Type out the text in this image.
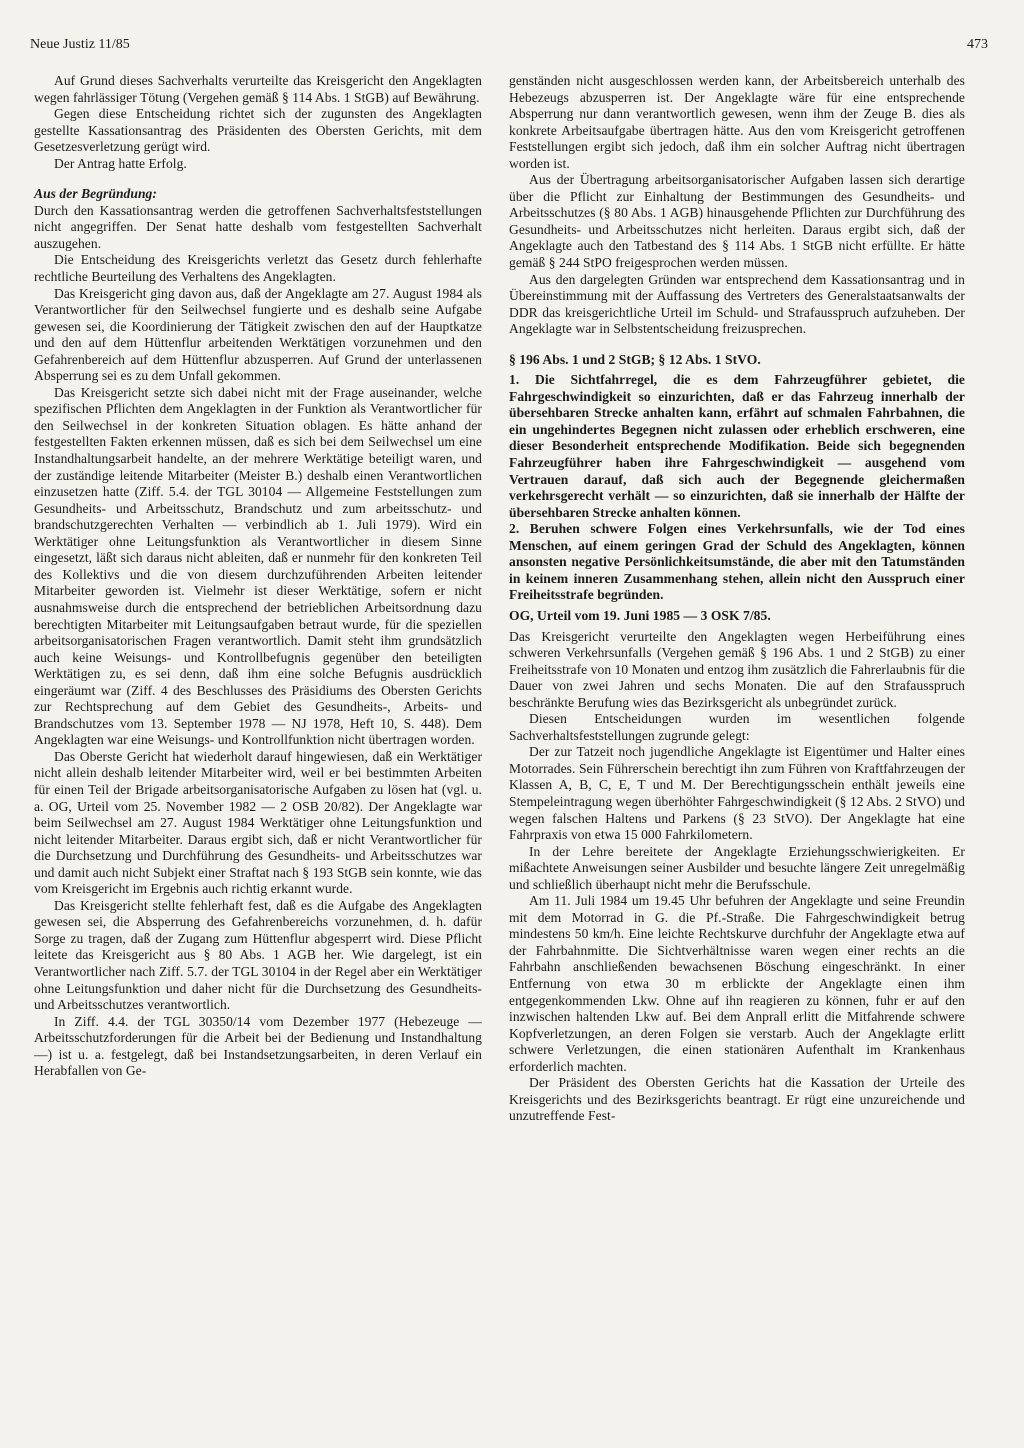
Neue Justiz 11/85	473

Auf Grund dieses Sachverhalts verurteilte das Kreisgericht den Angeklagten wegen fahrlässiger Tötung (Vergehen gemäß § 114 Abs. 1 StGB) auf Bewährung.

Gegen diese Entscheidung richtet sich der zugunsten des Angeklagten gestellte Kassationsantrag des Präsidenten des Obersten Gerichts, mit dem Gesetzesverletzung gerügt wird.

Der Antrag hatte Erfolg.

Aus der Begründung:

Durch den Kassationsantrag werden die getroffenen Sachverhaltsfeststellungen nicht angegriffen. Der Senat hatte deshalb vom festgestellten Sachverhalt auszugehen.

Die Entscheidung des Kreisgerichts verletzt das Gesetz durch fehlerhafte rechtliche Beurteilung des Verhaltens des Angeklagten.

Das Kreisgericht ging davon aus, daß der Angeklagte am 27. August 1984 als Verantwortlicher für den Seilwechsel fungierte und es deshalb seine Aufgabe gewesen sei, die Koordinierung der Tätigkeit zwischen den auf der Hauptkatze und den auf dem Hüttenflur arbeitenden Werktätigen vorzunehmen und den Gefahrenbereich auf dem Hüttenflur abzusperren. Auf Grund der unterlassenen Absperrung sei es zu dem Unfall gekommen.

Das Kreisgericht setzte sich dabei nicht mit der Frage auseinander, welche spezifischen Pflichten dem Angeklagten in der Funktion als Verantwortlicher für den Seilwechsel in der konkreten Situation oblagen. Es hätte anhand der festgestellten Fakten erkennen müssen, daß es sich bei dem Seilwechsel um eine Instandhaltungsarbeit handelte, an der mehrere Werktätige beteiligt waren, und der zuständige leitende Mitarbeiter (Meister B.) deshalb einen Verantwortlichen einzusetzen hatte (Ziff. 5.4. der TGL 30104 — Allgemeine Feststellungen zum Gesundheits- und Arbeitsschutz, Brandschutz und zum arbeitsschutz- und brandschutzgerechten Verhalten — verbindlich ab 1. Juli 1979). Wird ein Werktätiger ohne Leitungsfunktion als Verantwortlicher in diesem Sinne eingesetzt, läßt sich daraus nicht ableiten, daß er nunmehr für den konkreten Teil des Kollektivs und die von diesem durchzuführenden Arbeiten leitender Mitarbeiter geworden ist. Vielmehr ist dieser Werktätige, sofern er nicht ausnahmsweise durch die entsprechend der betrieblichen Arbeitsordnung dazu berechtigten Mitarbeiter mit Leitungsaufgaben betraut wurde, für die speziellen arbeitsorganisatorischen Fragen verantwortlich. Damit steht ihm grundsätzlich auch keine Weisungs- und Kontrollbefugnis gegenüber den beteiligten Werktätigen zu, es sei denn, daß ihm eine solche Befugnis ausdrücklich eingeräumt war (Ziff. 4 des Beschlusses des Präsidiums des Obersten Gerichts zur Rechtsprechung auf dem Gebiet des Gesundheits-, Arbeits- und Brandschutzes vom 13. September 1978 — NJ 1978, Heft 10, S. 448). Dem Angeklagten war eine Weisungs- und Kontrollfunktion nicht übertragen worden.

Das Oberste Gericht hat wiederholt darauf hingewiesen, daß ein Werktätiger nicht allein deshalb leitender Mitarbeiter wird, weil er bei bestimmten Arbeiten für einen Teil der Brigade arbeitsorganisatorische Aufgaben zu lösen hat (vgl. u. a. OG, Urteil vom 25. November 1982 — 2 OSB 20/82). Der Angeklagte war beim Seilwechsel am 27. August 1984 Werktätiger ohne Leitungsfunktion und nicht leitender Mitarbeiter. Daraus ergibt sich, daß er nicht Verantwortlicher für die Durchsetzung und Durchführung des Gesundheits- und Arbeitsschutzes war und damit auch nicht Subjekt einer Straftat nach § 193 StGB sein konnte, wie das vom Kreisgericht im Ergebnis auch richtig erkannt wurde.

Das Kreisgericht stellte fehlerhaft fest, daß es die Aufgabe des Angeklagten gewesen sei, die Absperrung des Gefahrenbereichs vorzunehmen, d. h. dafür Sorge zu tragen, daß der Zugang zum Hüttenflur abgesperrt wird. Diese Pflicht leitete das Kreisgericht aus § 80 Abs. 1 AGB her. Wie dargelegt, ist ein Verantwortlicher nach Ziff. 5.7. der TGL 30104 in der Regel aber ein Werktätiger ohne Leitungsfunktion und daher nicht für die Durchsetzung des Gesundheits- und Arbeitsschutzes verantwortlich.

In Ziff. 4.4. der TGL 30350/14 vom Dezember 1977 (Hebezeuge — Arbeitsschutzforderungen für die Arbeit bei der Bedienung und Instandhaltung —) ist u. a. festgelegt, daß bei Instandsetzungsarbeiten, in deren Verlauf ein Herabfallen von Ge-

genständen nicht ausgeschlossen werden kann, der Arbeitsbereich unterhalb des Hebezeugs abzusperren ist. Der Angeklagte wäre für eine entsprechende Absperrung nur dann verantwortlich gewesen, wenn ihm der Zeuge B. dies als konkrete Arbeitsaufgabe übertragen hätte. Aus den vom Kreisgericht getroffenen Feststellungen ergibt sich jedoch, daß ihm ein solcher Auftrag nicht übertragen worden ist.

Aus der Übertragung arbeitsorganisatorischer Aufgaben lassen sich derartige über die Pflicht zur Einhaltung der Bestimmungen des Gesundheits- und Arbeitsschutzes (§ 80 Abs. 1 AGB) hinausgehende Pflichten zur Durchführung des Gesundheits- und Arbeitsschutzes nicht herleiten. Daraus ergibt sich, daß der Angeklagte auch den Tatbestand des § 114 Abs. 1 StGB nicht erfüllte. Er hätte gemäß § 244 StPO freigesprochen werden müssen.

Aus den dargelegten Gründen war entsprechend dem Kassationsantrag und in Übereinstimmung mit der Auffassung des Vertreters des Generalstaatsanwalts der DDR das kreisgerichtliche Urteil im Schuld- und Strafausspruch aufzuheben. Der Angeklagte war in Selbstentscheidung freizusprechen.

§ 196 Abs. 1 und 2 StGB; § 12 Abs. 1 StVO.

1. Die Sichtfahrregel, die es dem Fahrzeugführer gebietet, die Fahrgeschwindigkeit so einzurichten, daß er das Fahrzeug innerhalb der übersehbaren Strecke anhalten kann, erfährt auf schmalen Fahrbahnen, die ein ungehindertes Begegnen nicht zulassen oder erheblich erschweren, eine dieser Besonderheit entsprechende Modifikation. Beide sich begegnenden Fahrzeugführer haben ihre Fahrgeschwindigkeit — ausgehend vom Vertrauen darauf, daß sich auch der Begegnende gleichermaßen verkehrsgerecht verhält — so einzurichten, daß sie innerhalb der Hälfte der übersehbaren Strecke anhalten können.

2. Beruhen schwere Folgen eines Verkehrsunfalls, wie der Tod eines Menschen, auf einem geringen Grad der Schuld des Angeklagten, können ansonsten negative Persönlichkeitsumstände, die aber mit den Tatumständen in keinem inneren Zusammenhang stehen, allein nicht den Ausspruch einer Freiheitsstrafe begründen.

OG, Urteil vom 19. Juni 1985 — 3 OSK 7/85.

Das Kreisgericht verurteilte den Angeklagten wegen Herbeiführung eines schweren Verkehrsunfalls (Vergehen gemäß § 196 Abs. 1 und 2 StGB) zu einer Freiheitsstrafe von 10 Monaten und entzog ihm zusätzlich die Fahrerlaubnis für die Dauer von zwei Jahren und sechs Monaten. Die auf den Strafausspruch beschränkte Berufung wies das Bezirksgericht als unbegründet zurück.

Diesen Entscheidungen wurden im wesentlichen folgende Sachverhaltsfeststellungen zugrunde gelegt:

Der zur Tatzeit noch jugendliche Angeklagte ist Eigentümer und Halter eines Motorrades. Sein Führerschein berechtigt ihn zum Führen von Kraftfahrzeugen der Klassen A, B, C, E, T und M. Der Berechtigungsschein enthält jeweils eine Stempeleintragung wegen überhöhter Fahrgeschwindigkeit (§ 12 Abs. 2 StVO) und wegen falschen Haltens und Parkens (§ 23 StVO). Der Angeklagte hat eine Fahrpraxis von etwa 15 000 Fahrkilometern.

In der Lehre bereitete der Angeklagte Erziehungsschwierigkeiten. Er mißachtete Anweisungen seiner Ausbilder und besuchte längere Zeit unregelmäßig und schließlich überhaupt nicht mehr die Berufsschule.

Am 11. Juli 1984 um 19.45 Uhr befuhren der Angeklagte und seine Freundin mit dem Motorrad in G. die Pf.-Straße. Die Fahrgeschwindigkeit betrug mindestens 50 km/h. Eine leichte Rechtskurve durchfuhr der Angeklagte etwa auf der Fahrbahnmitte. Die Sichtverhältnisse waren wegen einer rechts an die Fahrbahn anschließenden bewachsenen Böschung eingeschränkt. In einer Entfernung von etwa 30 m erblickte der Angeklagte einen ihm entgegenkommenden Lkw. Ohne auf ihn reagieren zu können, fuhr er auf den inzwischen haltenden Lkw auf. Bei dem Anprall erlitt die Mitfahrende schwere Kopfverletzungen, an deren Folgen sie verstarb. Auch der Angeklagte erlitt schwere Verletzungen, die einen stationären Aufenthalt im Krankenhaus erforderlich machten.

Der Präsident des Obersten Gerichts hat die Kassation der Urteile des Kreisgerichts und des Bezirksgerichts beantragt. Er rügt eine unzureichende und unzutreffende Fest-
